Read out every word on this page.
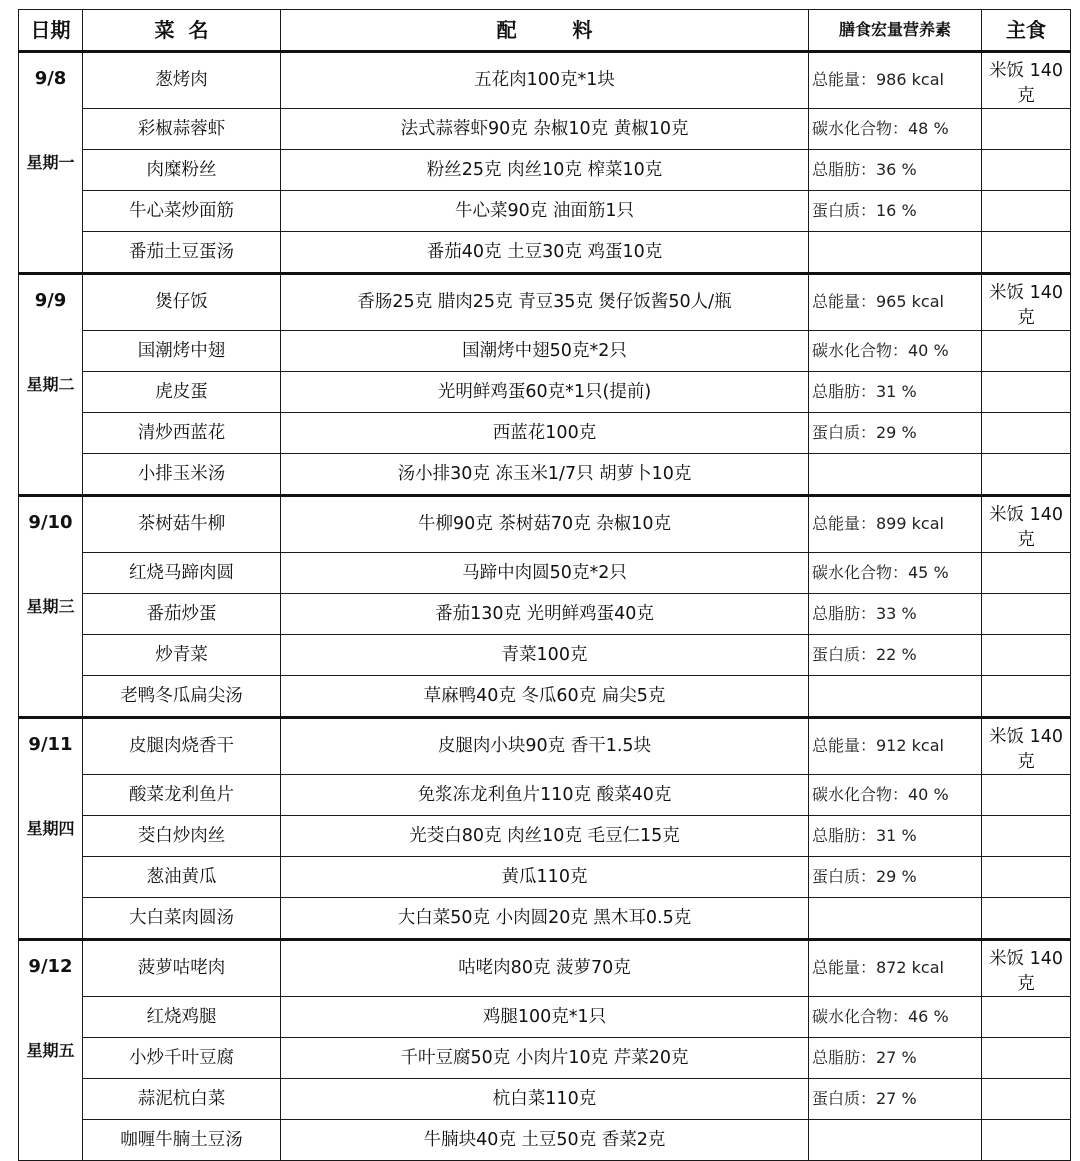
日期	菜  名	配        料	膳食宏量营养素	主食

9/8
星期一	葱烤肉	五花肉100克*1块	总能量：986 kcal	米饭 140克
	彩椒蒜蓉虾	法式蒜蓉虾90克 杂椒10克 黄椒10克	碳水化合物：48 %	
	肉糜粉丝	粉丝25克 肉丝10克 榨菜10克	总脂肪：36 %	
	牛心菜炒面筋	牛心菜90克 油面筋1只	蛋白质：16 %	
	番茄土豆蛋汤	番茄40克 土豆30克 鸡蛋10克		

9/9
星期二	煲仔饭	香肠25克 腊肉25克 青豆35克 煲仔饭酱50人/瓶	总能量：965 kcal	米饭 140克
	国潮烤中翅	国潮烤中翅50克*2只	碳水化合物：40 %	
	虎皮蛋	光明鲜鸡蛋60克*1只(提前)	总脂肪：31 %	
	清炒西蓝花	西蓝花100克	蛋白质：29 %	
	小排玉米汤	汤小排30克 冻玉米1/7只 胡萝卜10克		

9/10
星期三	茶树菇牛柳	牛柳90克 茶树菇70克 杂椒10克	总能量：899 kcal	米饭 140克
	红烧马蹄肉圆	马蹄中肉圆50克*2只	碳水化合物：45 %	
	番茄炒蛋	番茄130克 光明鲜鸡蛋40克	总脂肪：33 %	
	炒青菜	青菜100克	蛋白质：22 %	
	老鸭冬瓜扁尖汤	草麻鸭40克 冬瓜60克 扁尖5克		

9/11
星期四	皮腿肉烧香干	皮腿肉小块90克 香干1.5块	总能量：912 kcal	米饭 140克
	酸菜龙利鱼片	免浆冻龙利鱼片110克 酸菜40克	碳水化合物：40 %	
	茭白炒肉丝	光茭白80克 肉丝10克 毛豆仁15克	总脂肪：31 %	
	葱油黄瓜	黄瓜110克	蛋白质：29 %	
	大白菜肉圆汤	大白菜50克 小肉圆20克 黑木耳0.5克		

9/12
星期五	菠萝咕咾肉	咕咾肉80克 菠萝70克	总能量：872 kcal	米饭 140克
	红烧鸡腿	鸡腿100克*1只	碳水化合物：46 %	
	小炒千叶豆腐	千叶豆腐50克 小肉片10克 芹菜20克	总脂肪：27 %	
	蒜泥杭白菜	杭白菜110克	蛋白质：27 %	
	咖喱牛腩土豆汤	牛腩块40克 土豆50克 香菜2克		
